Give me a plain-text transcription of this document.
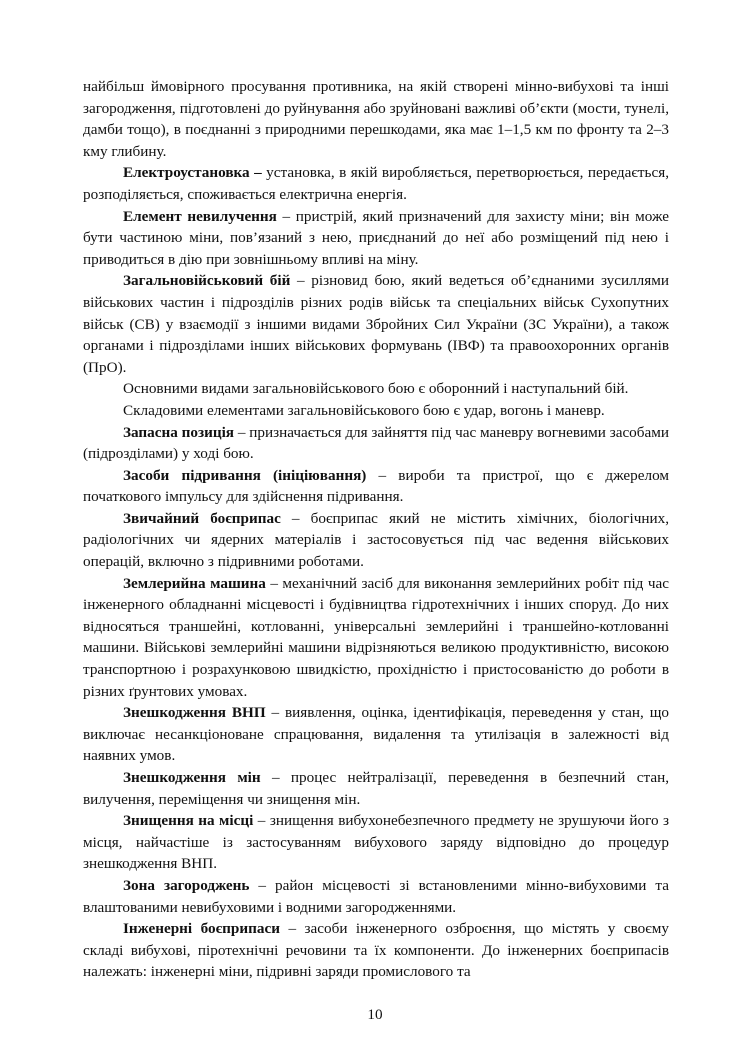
найбільш ймовірного просування противника, на якій створені мінно-вибухові та інші загородження, підготовлені до руйнування або зруйновані важливі об’єкти (мости, тунелі, дамби тощо), в поєднанні з природними перешкодами, яка має 1–1,5 км по фронту та 2–3 кму глибину.

Електроустановка – установка, в якій виробляється, перетворюється, передається, розподіляється, споживається електрична енергія.

Елемент невилучення – пристрій, який призначений для захисту міни; він може бути частиною міни, пов’язаний з нею, приєднаний до неї або розміщений під нею і приводиться в дію при зовнішньому впливі на міну.

Загальновійськовий бій – різновид бою, який ведеться об’єднаними зусиллями військових частин і підрозділів різних родів військ та спеціальних військ Сухопутних військ (СВ) у взаємодії з іншими видами Збройних Сил України (ЗС України), а також органами і підрозділами інших військових формувань (ІВФ) та правоохоронних органів (ПрО).

Основними видами загальновійськового бою є оборонний і наступальний бій.

Складовими елементами загальновійськового бою є удар, вогонь і маневр.

Запасна позиція – призначається для зайняття під час маневру вогневими засобами (підрозділами) у ході бою.

Засоби підривання (ініціювання) – вироби та пристрої, що є джерелом початкового імпульсу для здійснення підривання.

Звичайний боєприпас – боєприпас який не містить хімічних, біологічних, радіологічних чи ядерних матеріалів і застосовується під час ведення військових операцій, включно з підривними роботами.

Землерийна машина – механічний засіб для виконання землерийних робіт під час інженерного обладнанні місцевості і будівництва гідротехнічних і інших споруд. До них відносяться траншейні, котлованні, універсальні землерийні і траншейно-котлованні машини. Військові землерийні машини відрізняються великою продуктивністю, високою транспортною і розрахунковою швидкістю, прохідністю і пристосованістю до роботи в різних ґрунтових умовах.

Знешкодження ВНП – виявлення, оцінка, ідентифікація, переведення у стан, що виключає несанкціоноване спрацювання, видалення та утилізація в залежності від наявних умов.

Знешкодження мін – процес нейтралізації, переведення в безпечний стан, вилучення, переміщення чи знищення мін.

Знищення на місці – знищення вибухонебезпечного предмету не зрушуючи його з місця, найчастіше із застосуванням вибухового заряду відповідно до процедур знешкодження ВНП.

Зона загороджень – район місцевості зі встановленими мінно-вибуховими та влаштованими невибуховими і водними загородженнями.

Інженерні боєприпаси – засоби інженерного озброєння, що містять у своєму складі вибухові, піротехнічні речовини та їх компоненти. До інженерних боєприпасів належать: інженерні міни, підривні заряди промислового та

10
